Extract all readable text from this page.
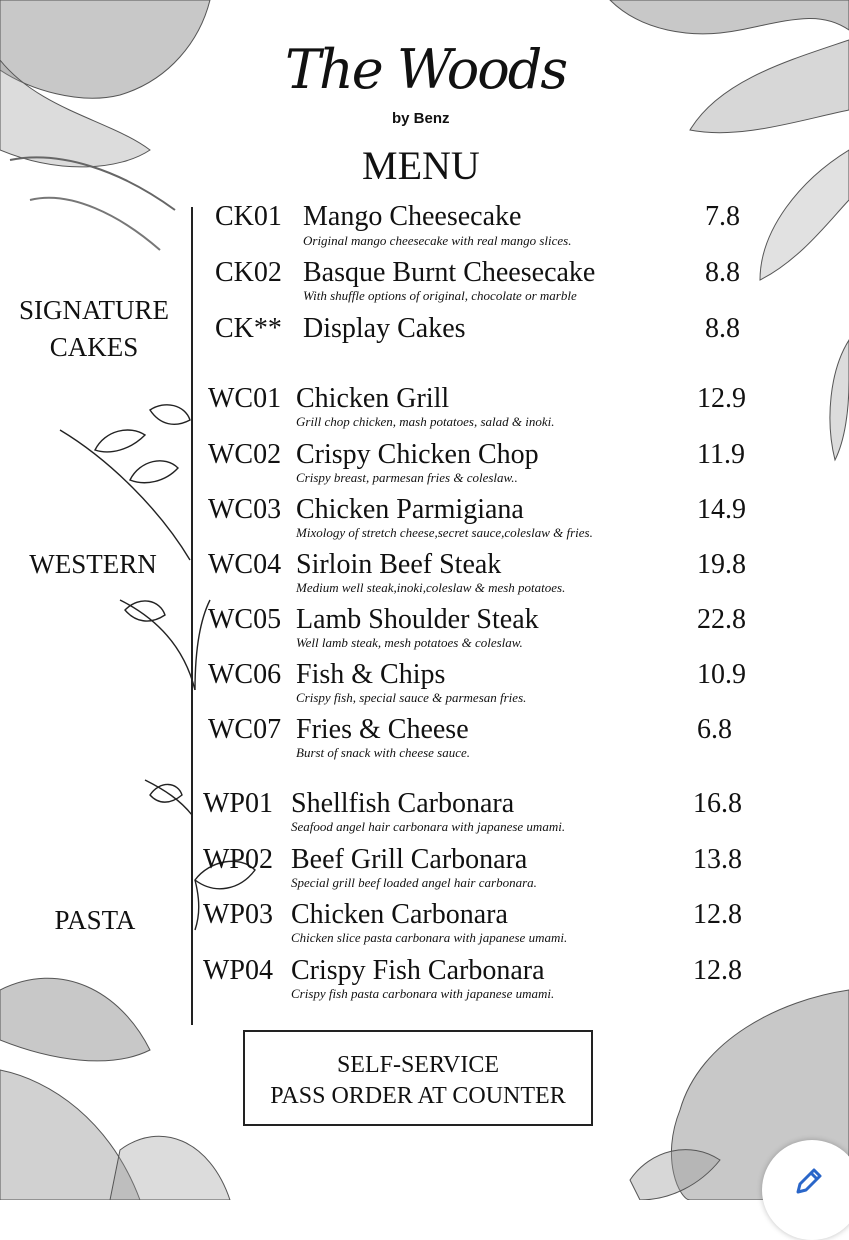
The Woods
by Benz
MENU
SIGNATURE CAKES
WESTERN
PASTA
CK01 Mango Cheesecake
Original mango cheesecake with real mango slices.
7.8
CK02 Basque Burnt Cheesecake
With shuffle options of original, chocolate or marble
8.8
CK** Display Cakes	8.8
WC01 Chicken Grill
Grill chop chicken, mash potatoes, salad & inoki.
12.9
WC02 Crispy Chicken Chop
Crispy breast, parmesan fries & coleslaw..
11.9
WC03 Chicken Parmigiana
Mixology of stretch cheese,secret sauce,coleslaw & fries.
14.9
WC04 Sirloin Beef Steak
Medium well steak,inoki,coleslaw & mesh potatoes.
19.8
WC05 Lamb Shoulder Steak
Well lamb steak, mesh potatoes & coleslaw.
22.8
WC06 Fish & Chips
Crispy fish, special sauce & parmesan fries.
10.9
WC07 Fries & Cheese
Burst of snack with cheese sauce.
6.8
WP01 Shellfish Carbonara
Seafood angel hair carbonara with japanese umami.
16.8
WP02 Beef Grill Carbonara
Special grill beef loaded angel hair carbonara.
13.8
WP03 Chicken Carbonara
Chicken slice pasta carbonara with japanese umami.
12.8
WP04 Crispy Fish Carbonara
Crispy fish pasta carbonara with japanese umami.
12.8
SELF-SERVICE
PASS ORDER AT COUNTER
